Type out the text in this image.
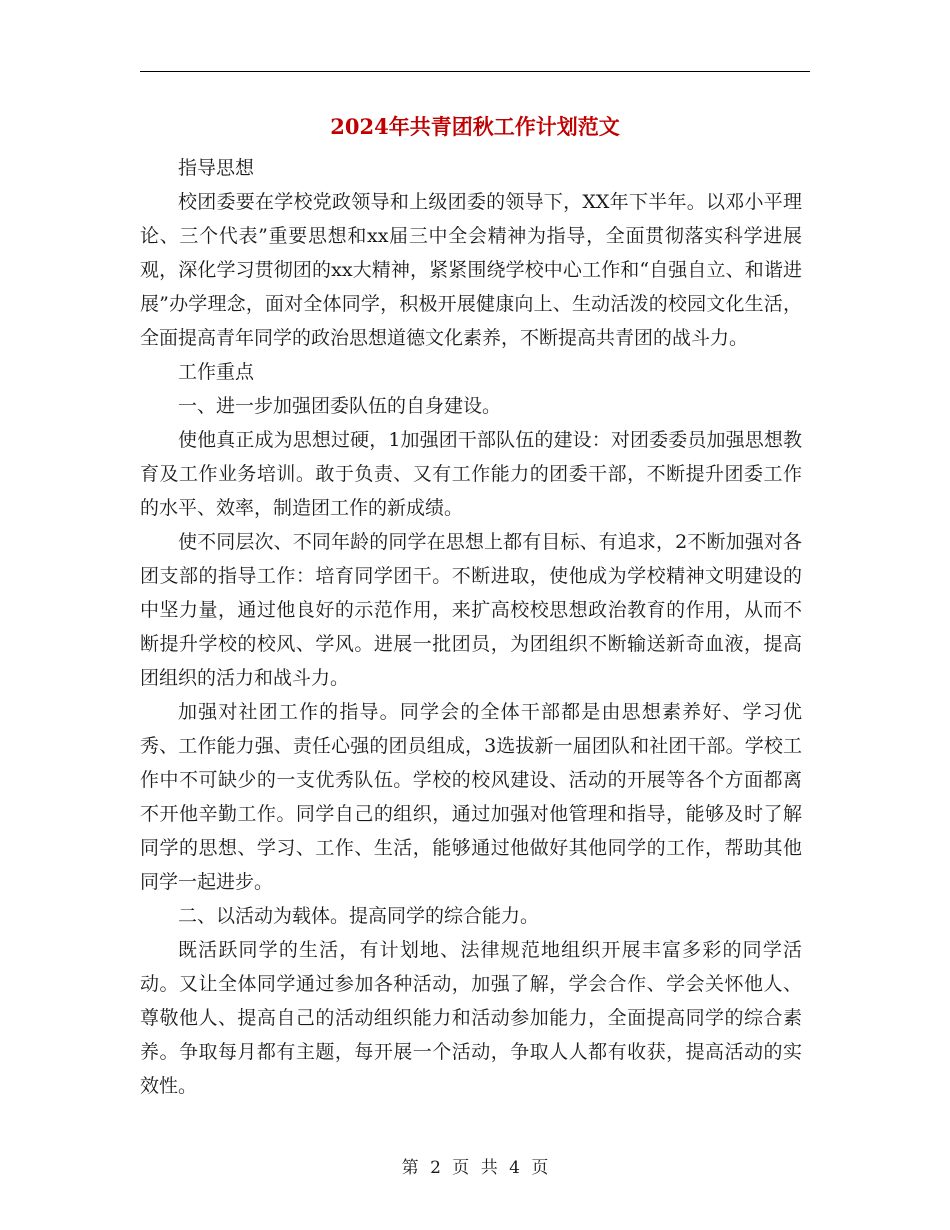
2024年共青团秋工作计划范文

指导思想

校团委要在学校党政领导和上级团委的领导下，XX年下半年。以邓小平理论、三个代表”重要思想和xx届三中全会精神为指导，全面贯彻落实科学进展观，深化学习贯彻团的xx大精神，紧紧围绕学校中心工作和“自强自立、和谐进展”办学理念，面对全体同学，积极开展健康向上、生动活泼的校园文化生活，全面提高青年同学的政治思想道德文化素养，不断提高共青团的战斗力。

工作重点

一、进一步加强团委队伍的自身建设。

使他真正成为思想过硬，1加强团干部队伍的建设：对团委委员加强思想教育及工作业务培训。敢于负责、又有工作能力的团委干部，不断提升团委工作的水平、效率，制造团工作的新成绩。

使不同层次、不同年龄的同学在思想上都有目标、有追求，2不断加强对各团支部的指导工作：培育同学团干。不断进取，使他成为学校精神文明建设的中坚力量，通过他良好的示范作用，来扩高校校思想政治教育的作用，从而不断提升学校的校风、学风。进展一批团员，为团组织不断输送新奇血液，提高团组织的活力和战斗力。

加强对社团工作的指导。同学会的全体干部都是由思想素养好、学习优秀、工作能力强、责任心强的团员组成，3选拔新一届团队和社团干部。学校工作中不可缺少的一支优秀队伍。学校的校风建设、活动的开展等各个方面都离不开他辛勤工作。同学自己的组织，通过加强对他管理和指导，能够及时了解同学的思想、学习、工作、生活，能够通过他做好其他同学的工作，帮助其他同学一起进步。

二、以活动为载体。提高同学的综合能力。

既活跃同学的生活，有计划地、法律规范地组织开展丰富多彩的同学活动。又让全体同学通过参加各种活动，加强了解，学会合作、学会关怀他人、尊敬他人、提高自己的活动组织能力和活动参加能力，全面提高同学的综合素养。争取每月都有主题，每开展一个活动，争取人人都有收获，提高活动的实效性。

第 2 页 共 4 页
